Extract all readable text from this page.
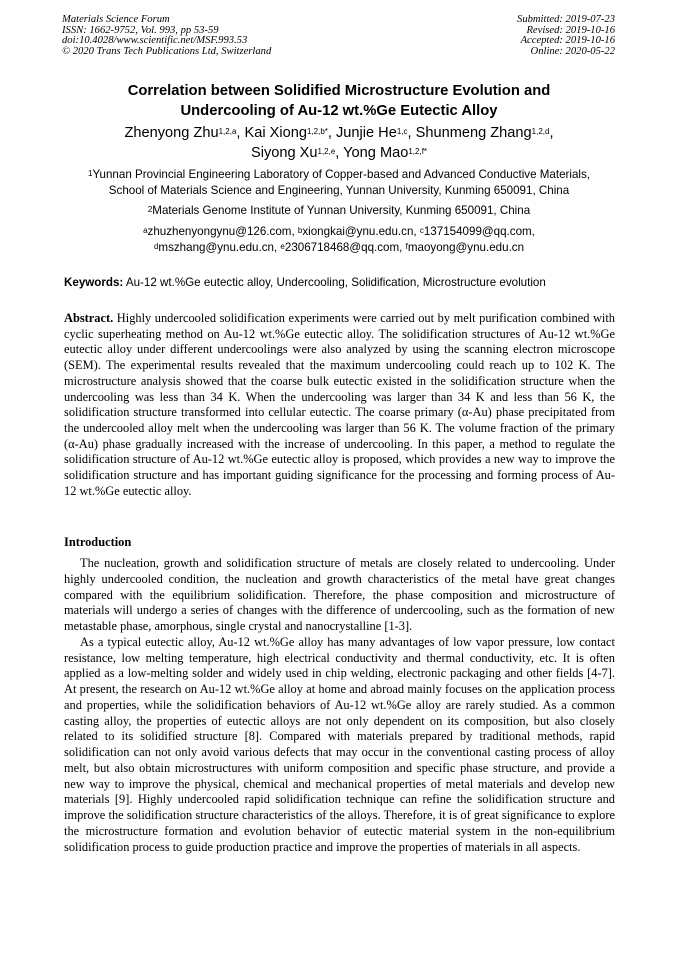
Materials Science Forum
ISSN: 1662-9752, Vol. 993, pp 53-59
doi:10.4028/www.scientific.net/MSF.993.53
© 2020 Trans Tech Publications Ltd, Switzerland
Submitted: 2019-07-23
Revised: 2019-10-16
Accepted: 2019-10-16
Online: 2020-05-22
Correlation between Solidified Microstructure Evolution and
Undercooling of Au-12 wt.%Ge Eutectic Alloy
Zhenyong Zhu$^{1,2,a}$, Kai Xiong$^{1,2,b*}$, Junjie He$^{1,c}$, Shunmeng Zhang$^{1,2,d}$,
Siyong Xu$^{1,2,e}$, Yong Mao$^{1,2,f*}$
$^1$Yunnan Provincial Engineering Laboratory of Copper-based and Advanced Conductive Materials,
School of Materials Science and Engineering, Yunnan University, Kunming 650091, China
$^2$Materials Genome Institute of Yunnan University, Kunming 650091, China
$^a$zhuzhenyongynu@126.com, $^b$xiongkai@ynu.edu.cn, $^c$137154099@qq.com,
$^d$mszhang@ynu.edu.cn, $^e$2306718468@qq.com, $^f$maoyong@ynu.edu.cn
Keywords: Au-12 wt.%Ge eutectic alloy, Undercooling, Solidification, Microstructure evolution
Abstract. Highly undercooled solidification experiments were carried out by melt purification combined with cyclic superheating method on Au-12 wt.%Ge eutectic alloy. The solidification structures of Au-12 wt.%Ge eutectic alloy under different undercoolings were also analyzed by using the scanning electron microscope (SEM). The experimental results revealed that the maximum undercooling could reach up to 102 K. The microstructure analysis showed that the coarse bulk eutectic existed in the solidification structure when the undercooling was less than 34 K. When the undercooling was larger than 34 K and less than 56 K, the solidification structure transformed into cellular eutectic. The coarse primary (α-Au) phase precipitated from the undercooled alloy melt when the undercooling was larger than 56 K. The volume fraction of the primary (α-Au) phase gradually increased with the increase of undercooling. In this paper, a method to regulate the solidification structure of Au-12 wt.%Ge eutectic alloy is proposed, which provides a new way to improve the solidification structure and has important guiding significance for the processing and forming process of Au-12 wt.%Ge eutectic alloy.
Introduction

The nucleation, growth and solidification structure of metals are closely related to undercooling. Under highly undercooled condition, the nucleation and growth characteristics of the metal have great changes compared with the equilibrium solidification. Therefore, the phase composition and microstructure of materials will undergo a series of changes with the difference of undercooling, such as the formation of new metastable phase, amorphous, single crystal and nanocrystalline [1-3].

As a typical eutectic alloy, Au-12 wt.%Ge alloy has many advantages of low vapor pressure, low contact resistance, low melting temperature, high electrical conductivity and thermal conductivity, etc. It is often applied as a low-melting solder and widely used in chip welding, electronic packaging and other fields [4-7]. At present, the research on Au-12 wt.%Ge alloy at home and abroad mainly focuses on the application process and properties, while the solidification behaviors of Au-12 wt.%Ge alloy are rarely studied. As a common casting alloy, the properties of eutectic alloys are not only dependent on its composition, but also closely related to its solidified structure [8]. Compared with materials prepared by traditional methods, rapid solidification can not only avoid various defects that may occur in the conventional casting process of alloy melt, but also obtain microstructures with uniform composition and specific phase structure, and provide a new way to improve the physical, chemical and mechanical properties of metal materials and develop new materials [9]. Highly undercooled rapid solidification technique can refine the solidification structure and improve the solidification structure characteristics of the alloys. Therefore, it is of great significance to explore the microstructure formation and evolution behavior of eutectic material system in the non-equilibrium solidification process to guide production practice and improve the properties of materials in all aspects.
